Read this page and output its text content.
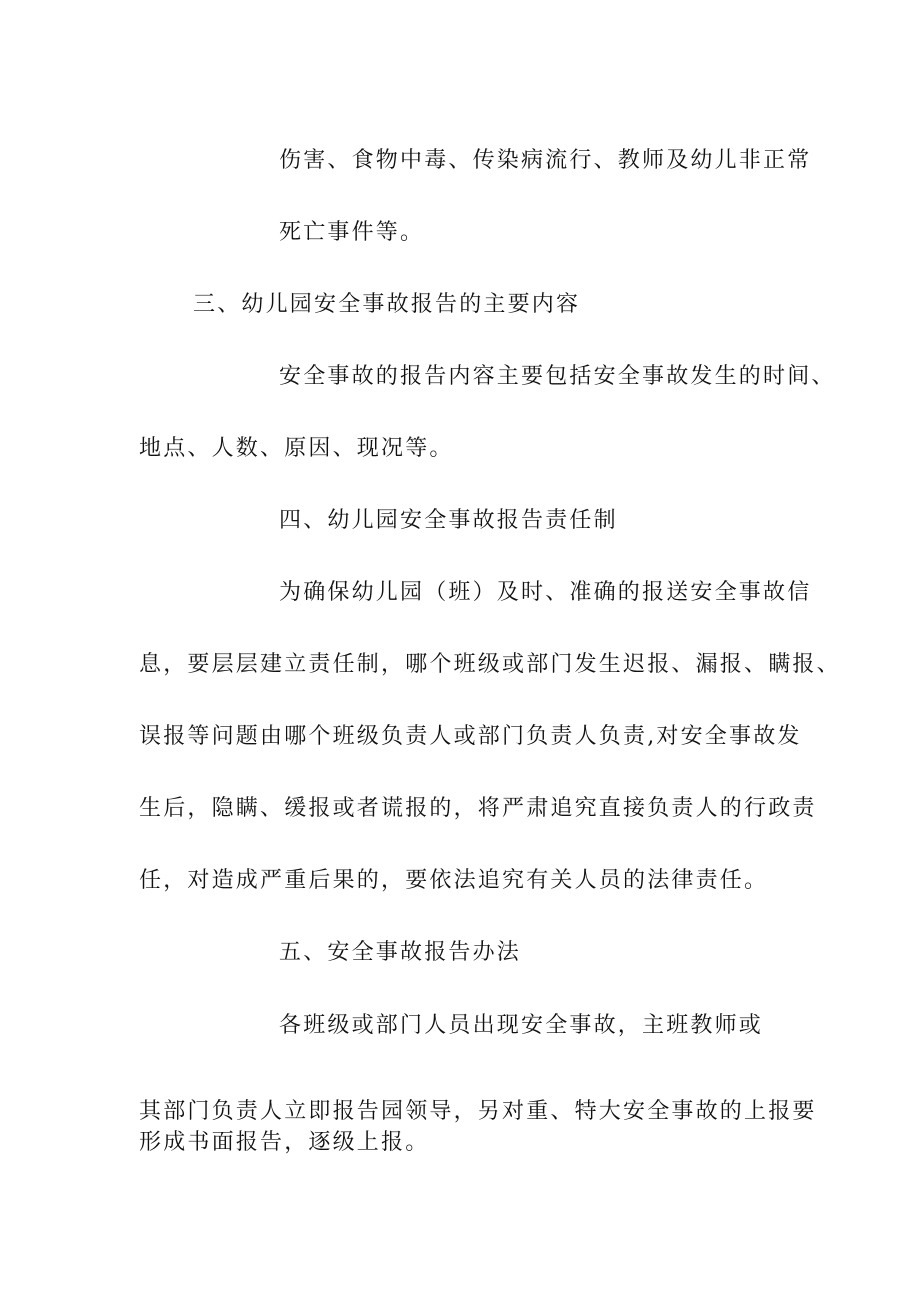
伤害、食物中毒、传染病流行、教师及幼儿非正常

死亡事件等。

三、幼儿园安全事故报告的主要内容

安全事故的报告内容主要包括安全事故发生的时间、

地点、人数、原因、现况等。

四、幼儿园安全事故报告责任制

为确保幼儿园（班）及时、准确的报送安全事故信

息，要层层建立责任制，哪个班级或部门发生迟报、漏报、瞒报、

误报等问题由哪个班级负责人或部门负责人负责,对安全事故发

生后，隐瞒、缓报或者谎报的，将严肃追究直接负责人的行政责

任，对造成严重后果的，要依法追究有关人员的法律责任。

五、安全事故报告办法

各班级或部门人员出现安全事故，主班教师或

其部门负责人立即报告园领导，另对重、特大安全事故的上报要

形成书面报告，逐级上报。
